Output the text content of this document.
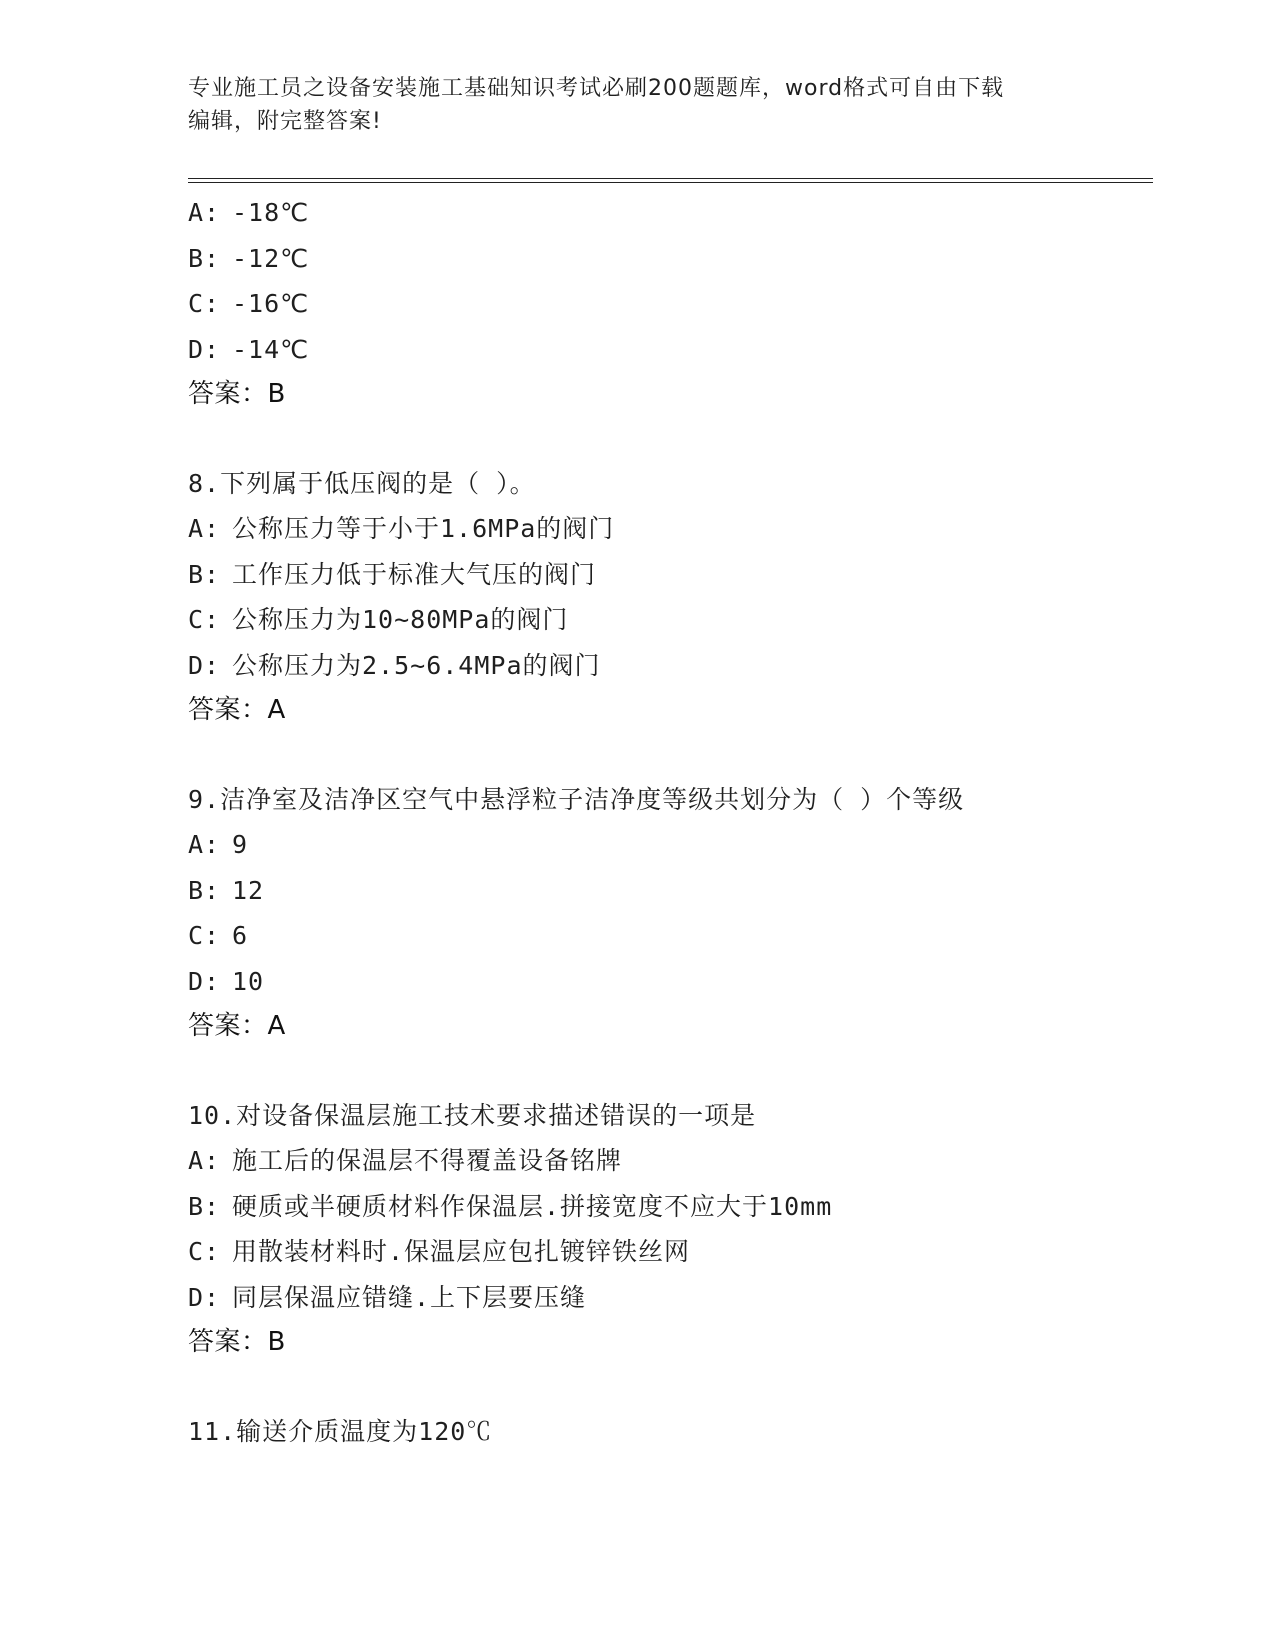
专业施工员之设备安装施工基础知识考试必刷200题题库，word格式可自由下载
编辑，附完整答案!
A: -18℃
B: -12℃
C: -16℃
D: -14℃
答案：B
8.下列属于低压阀的是（ ）。
A: 公称压力等于小于1.6MPa的阀门
B: 工作压力低于标准大气压的阀门
C: 公称压力为10~80MPa的阀门
D: 公称压力为2.5~6.4MPa的阀门
答案：A
9.洁净室及洁净区空气中悬浮粒子洁净度等级共划分为（ ）个等级
A: 9
B: 12
C: 6
D: 10
答案：A
10.对设备保温层施工技术要求描述错误的一项是
A: 施工后的保温层不得覆盖设备铭牌
B: 硬质或半硬质材料作保温层.拼接宽度不应大于10mm
C: 用散装材料时.保温层应包扎镀锌铁丝网
D: 同层保温应错缝.上下层要压缝
答案：B
11.输送介质温度为120℃
